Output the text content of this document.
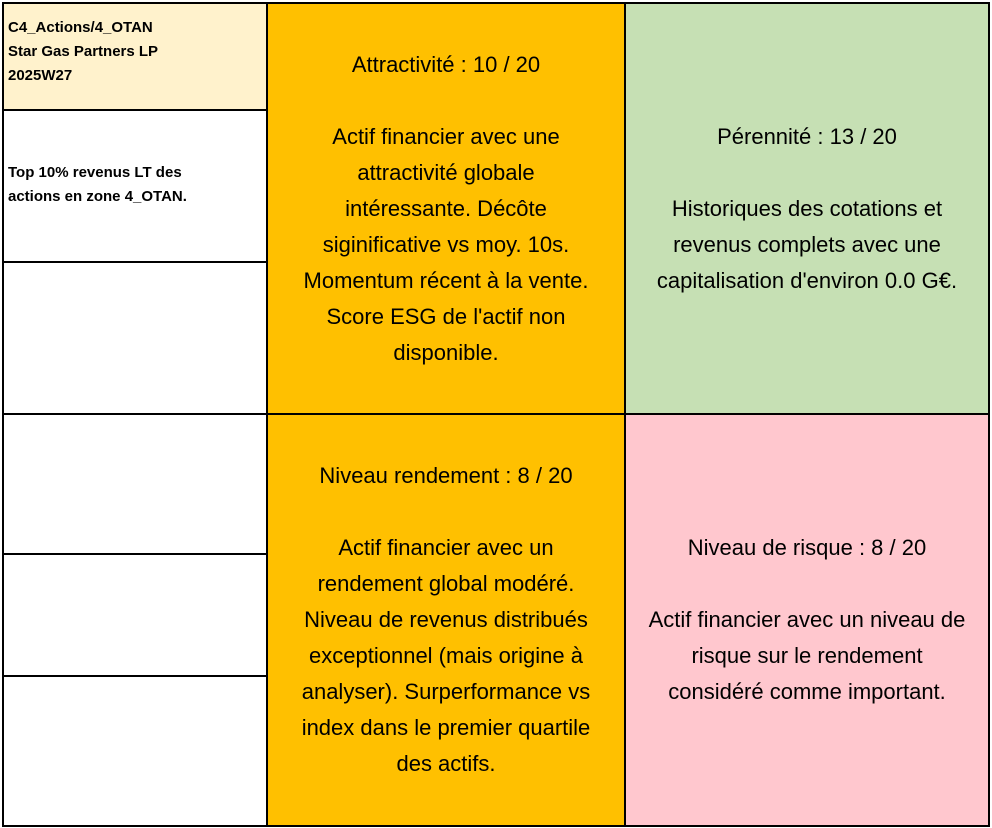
C4_Actions/4_OTAN
Star Gas Partners LP
2025W27
Top 10% revenus LT des
actions en zone 4_OTAN.

Attractivité : 10 / 20

Actif financier avec une
attractivité globale
intéressante. Décôte
siginificative vs moy. 10s.
Momentum récent à la vente.
Score ESG de l'actif non
disponible.

Pérennité : 13 / 20

Historiques des cotations et
revenus complets avec une
capitalisation d'environ 0.0 G€.

Niveau rendement : 8 / 20

Actif financier avec un
rendement global modéré.
Niveau de revenus distribués
exceptionnel (mais origine à
analyser). Surperformance vs
index dans le premier quartile
des actifs.

Niveau de risque : 8 / 20

Actif financier avec un niveau de
risque sur le rendement
considéré comme important.
